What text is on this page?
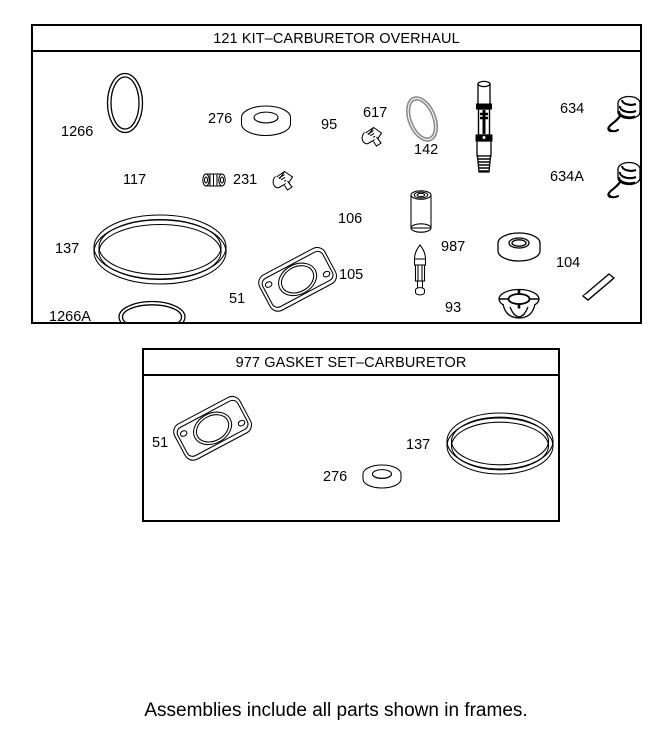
121 KIT–CARBURETOR OVERHAUL
1266
276	95
617
142
634
117	231	634A
106
137	987
104
105
51
93
1266A
977 GASKET SET–CARBURETOR
51
276
137
Assemblies include all parts shown in frames.
